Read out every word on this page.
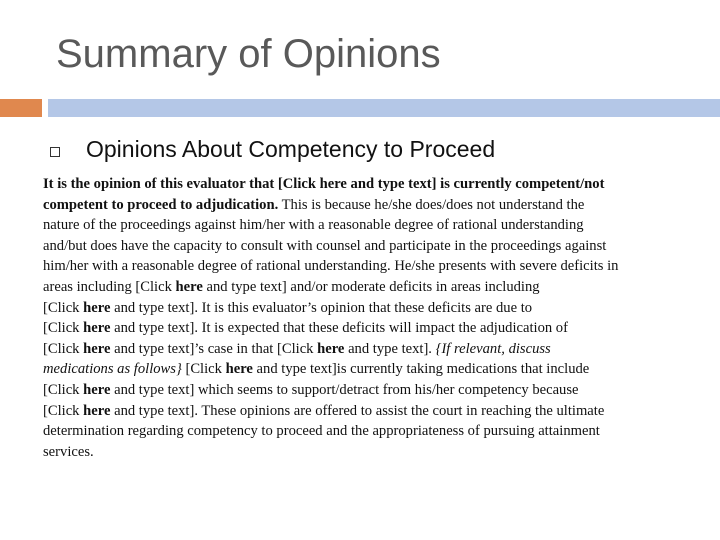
Summary of Opinions
Opinions About Competency to Proceed
It is the opinion of this evaluator that [Click here and type text] is currently competent/not
competent to proceed to adjudication. This is because he/she does/does not understand the
nature of the proceedings against him/her with a reasonable degree of rational understanding
and/but does have the capacity to consult with counsel and participate in the proceedings against
him/her with a reasonable degree of rational understanding. He/she presents with severe deficits in
areas including [Click here and type text] and/or moderate deficits in areas including
[Click here and type text]. It is this evaluator’s opinion that these deficits are due to
[Click here and type text]. It is expected that these deficits will impact the adjudication of
[Click here and type text]’s case in that [Click here and type text]. {If relevant, discuss
medications as follows} [Click here and type text]is currently taking medications that include
[Click here and type text] which seems to support/detract from his/her competency because
[Click here and type text]. These opinions are offered to assist the court in reaching the ultimate
determination regarding competency to proceed and the appropriateness of pursuing attainment
services.
